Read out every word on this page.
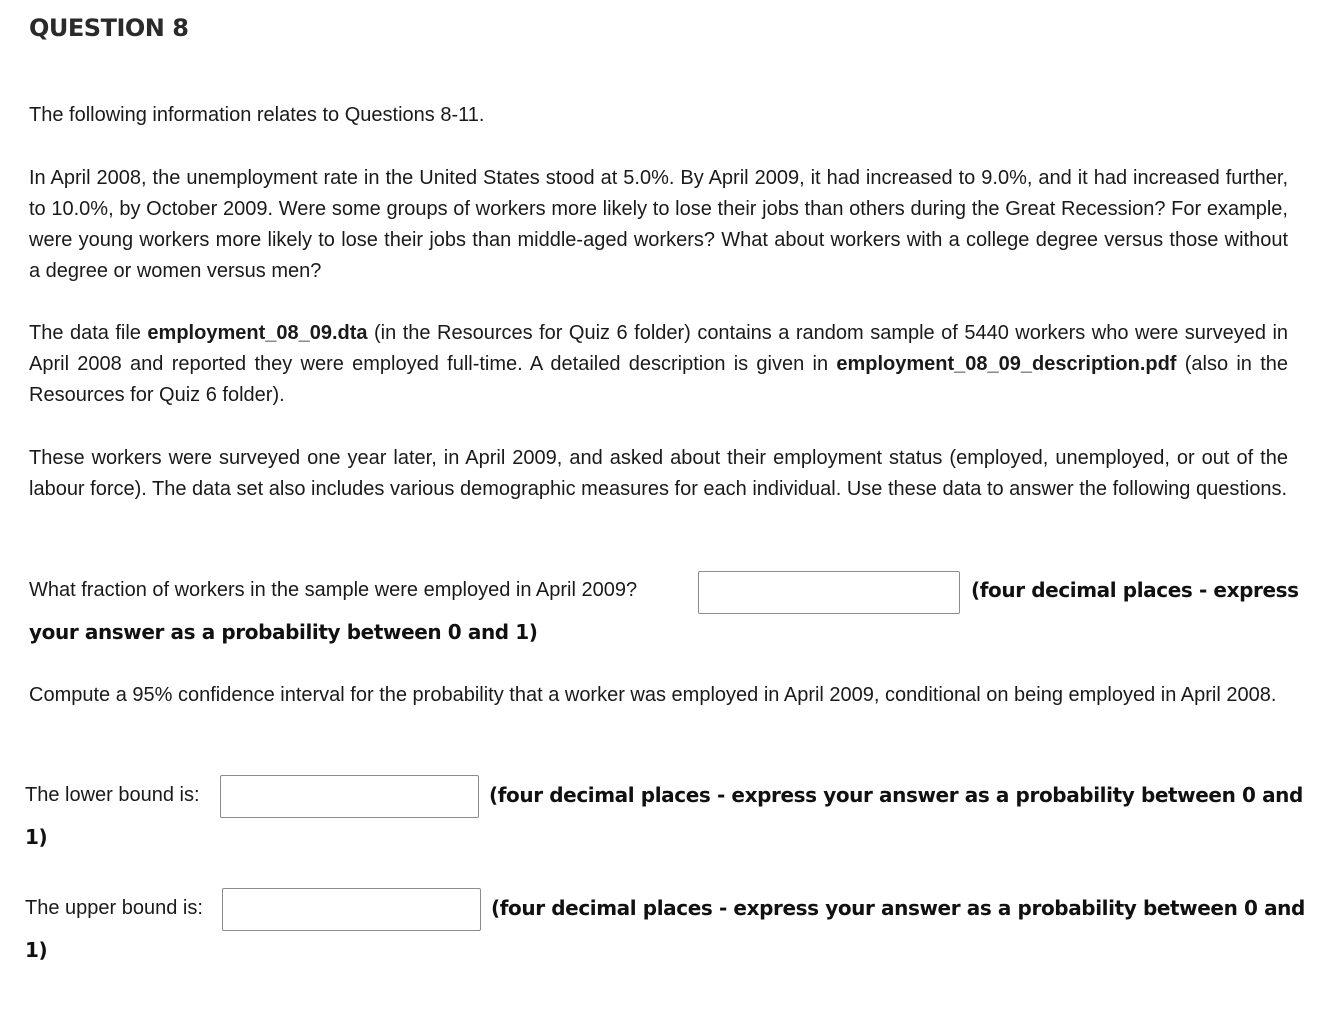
QUESTION 8

The following information relates to Questions 8-11.

In April 2008, the unemployment rate in the United States stood at 5.0%. By April 2009, it had increased to 9.0%, and it had increased further, to 10.0%, by October 2009. Were some groups of workers more likely to lose their jobs than others during the Great Recession? For example, were young workers more likely to lose their jobs than middle-aged workers? What about workers with a college degree versus those without a degree or women versus men?

The data file employment_08_09.dta (in the Resources for Quiz 6 folder) contains a random sample of 5440 workers who were surveyed in April 2008 and reported they were employed full-time. A detailed description is given in employment_08_09_description.pdf (also in the Resources for Quiz 6 folder).

These workers were surveyed one year later, in April 2009, and asked about their employment status (employed, unemployed, or out of the labour force). The data set also includes various demographic measures for each individual. Use these data to answer the following questions.

What fraction of workers in the sample were employed in April 2009?	(four decimal places - express

your answer as a probability between 0 and 1)

Compute a 95% confidence interval for the probability that a worker was employed in April 2009, conditional on being employed in April 2008.

The lower bound is:	(four decimal places - express your answer as a probability between 0 and

1)

The upper bound is:	(four decimal places - express your answer as a probability between 0 and

1)
